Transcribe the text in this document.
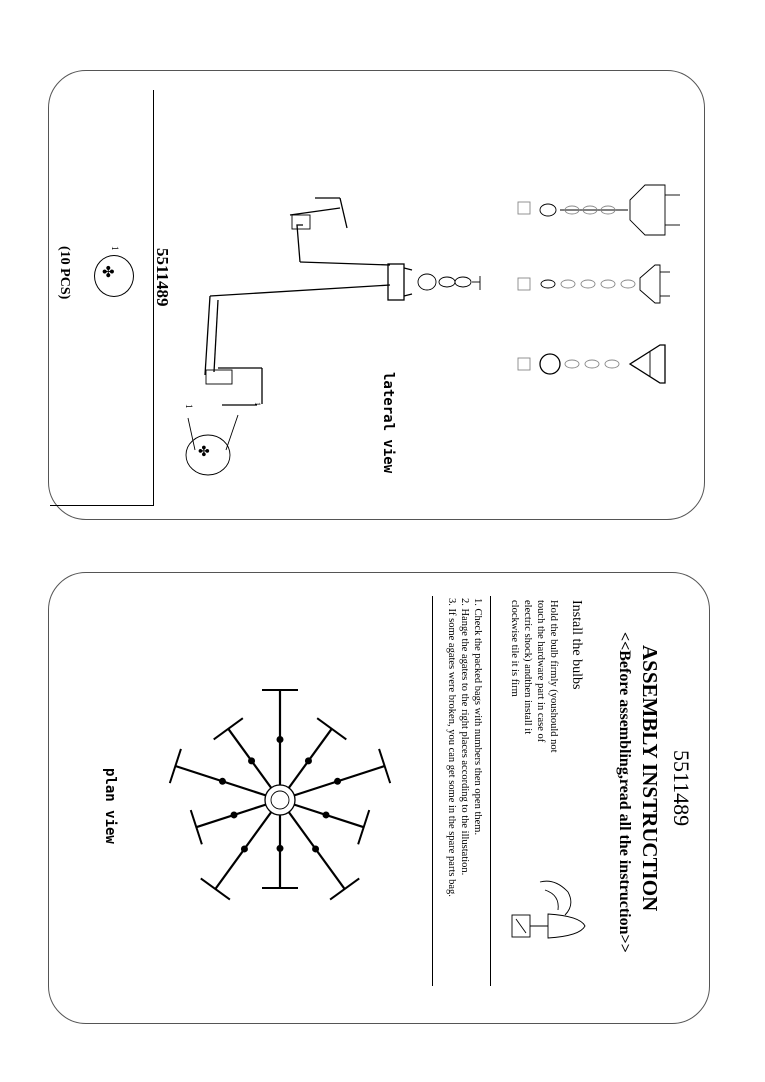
5511489
1
✤
(10 PCS)
1	1
✤	lateral view
5511489
ASSEMBLY INSTRUCTION
<<Before assembling,read all the instruction>>
Install the bulbs
Hold the bulb firmly (youshould not
touch the hardware part in case of
electric shock) andthen install it
clockwise tile it is firm
1. Check the packed bags with numbers then open them.
2. Hange the agates to the right places according to the illustation.
3. If some agates were broken, you can get some in the spare parts bag.
plan view
